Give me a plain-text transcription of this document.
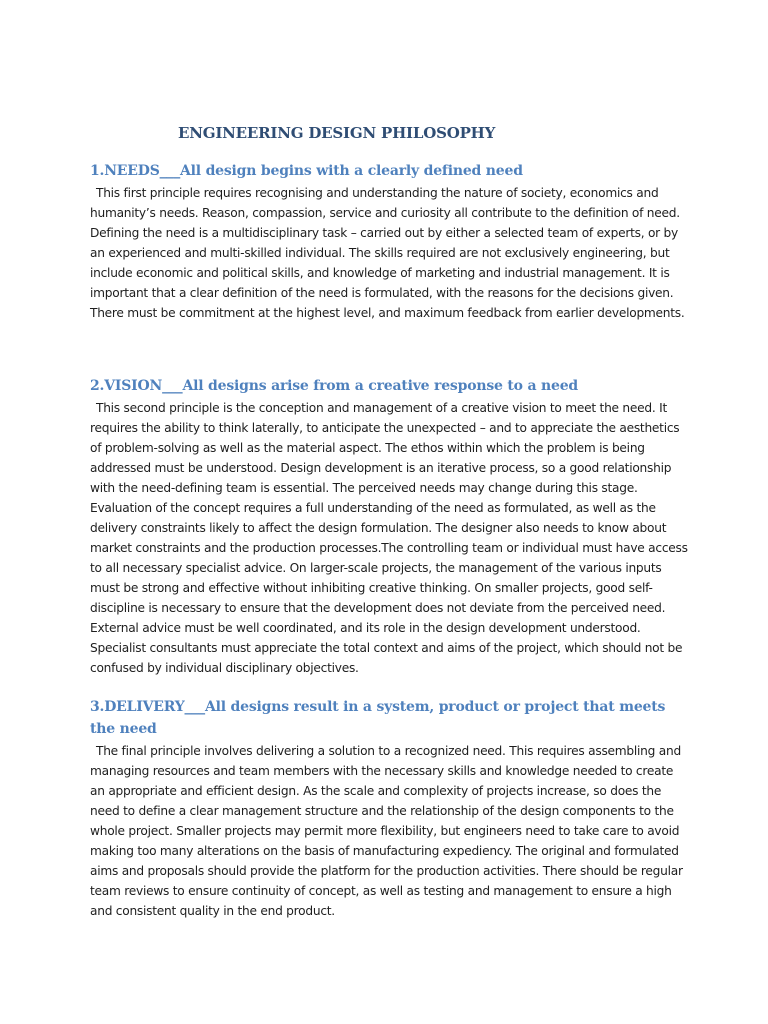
ENGINEERING DESIGN PHILOSOPHY
1.NEEDS___All design begins with a clearly defined need

This first principle requires recognising and understanding the nature of society, economics and humanity’s needs. Reason, compassion, service and curiosity all contribute to the definition of need. Defining the need is a multidisciplinary task – carried out by either a selected team of experts, or by an experienced and multi-skilled individual. The skills required are not exclusively engineering, but include economic and political skills, and knowledge of marketing and industrial management. It is important that a clear definition of the need is formulated, with the reasons for the decisions given. There must be commitment at the highest level, and maximum feedback from earlier developments.

2.VISION___All designs arise from a creative response to a need

This second principle is the conception and management of a creative vision to meet the need. It requires the ability to think laterally, to anticipate the unexpected – and to appreciate the aesthetics of problem-solving as well as the material aspect. The ethos within which the problem is being addressed must be understood. Design development is an iterative process, so a good relationship with the need-defining team is essential. The perceived needs may change during this stage. Evaluation of the concept requires a full understanding of the need as formulated, as well as the delivery constraints likely to affect the design formulation. The designer also needs to know about market constraints and the production processes.The controlling team or individual must have access to all necessary specialist advice. On larger-scale projects, the management of the various inputs must be strong and effective without inhibiting creative thinking. On smaller projects, good self-discipline is necessary to ensure that the development does not deviate from the perceived need. External advice must be well coordinated, and its role in the design development understood. Specialist consultants must appreciate the total context and aims of the project, which should not be confused by individual disciplinary objectives.

3.DELIVERY___All designs result in a system, product or project that meets the need

The final principle involves delivering a solution to a recognized need. This requires assembling and managing resources and team members with the necessary skills and knowledge needed to create an appropriate and efficient design. As the scale and complexity of projects increase, so does the need to define a clear management structure and the relationship of the design components to the whole project. Smaller projects may permit more flexibility, but engineers need to take care to avoid making too many alterations on the basis of manufacturing expediency. The original and formulated aims and proposals should provide the platform for the production activities. There should be regular team reviews to ensure continuity of concept, as well as testing and management to ensure a high and consistent quality in the end product.
